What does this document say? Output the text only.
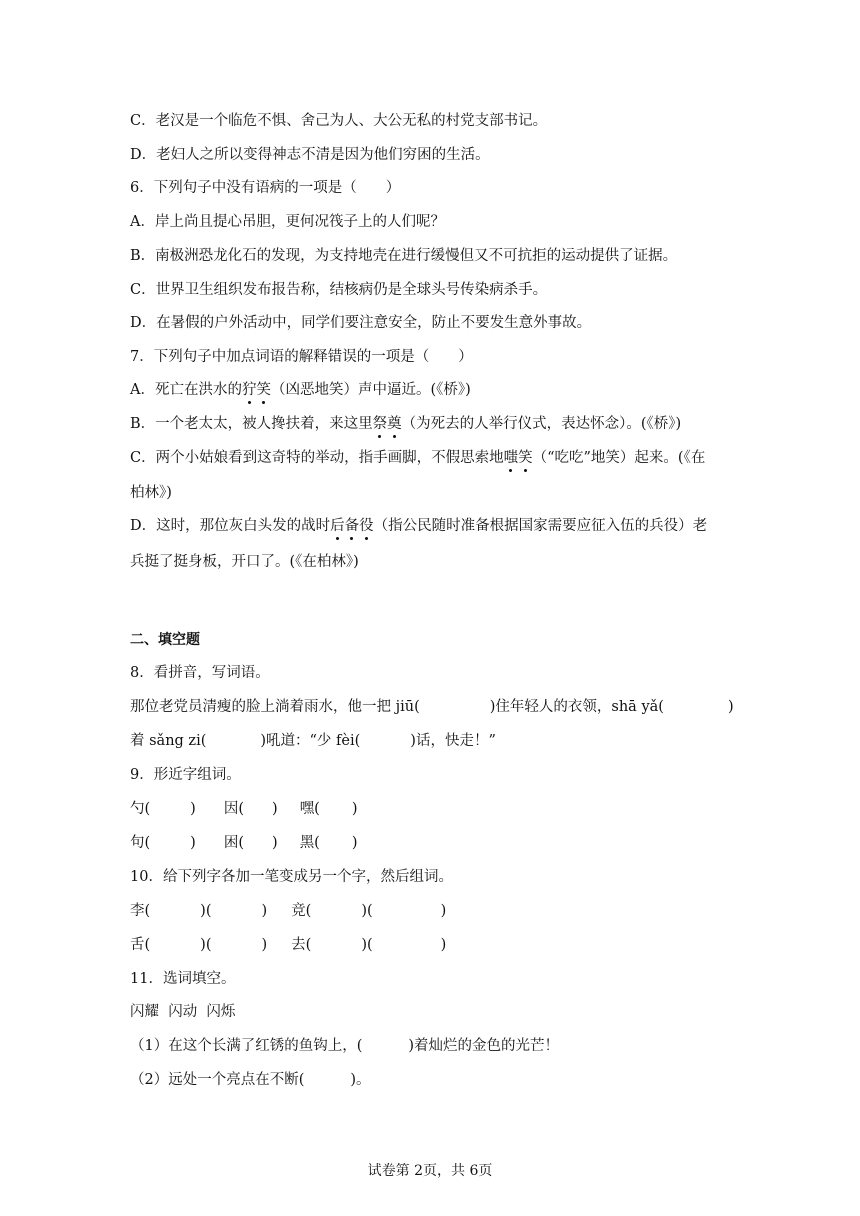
C．老汉是一个临危不惧、舍己为人、大公无私的村党支部书记。
D．老妇人之所以变得神志不清是因为他们穷困的生活。
6．下列句子中没有语病的一项是（　　）
A．岸上尚且提心吊胆，更何况筏子上的人们呢？
B．南极洲恐龙化石的发现，为支持地壳在进行缓慢但又不可抗拒的运动提供了证据。
C．世界卫生组织发布报告称，结核病仍是全球头号传染病杀手。
D．在暑假的户外活动中，同学们要注意安全，防止不要发生意外事故。
7．下列句子中加点词语的解释错误的一项是（　　）
A．死亡在洪水的狞笑（凶恶地笑）声中逼近。(《桥》)
B．一个老太太，被人搀扶着，来这里祭奠（为死去的人举行仪式，表达怀念）。(《桥》)
C．两个小姑娘看到这奇特的举动，指手画脚，不假思索地嗤笑（“吃吃”地笑）起来。(《在
柏林》)
D．这时，那位灰白头发的战时后备役（指公民随时准备根据国家需要应征入伍的兵役）老
兵挺了挺身板，开口了。(《在柏林》)
二、填空题
8．看拼音，写词语。
那位老党员清瘦的脸上淌着雨水，他一把 jiū(	)住年轻人的衣领，shā yǎ(	)
着 sǎng zi(	)吼道：“少 fèi(	)话，快走！”
9．形近字组词。
勺(	) 因( ) 嘿( )
句(	) 困( ) 黑( )
10．给下列字各加一笔变成另一个字，然后组词。
李(	)(	) 竞(	)(	)
舌(	)(	) 去(	)(	)
11．选词填空。
闪耀  闪动  闪烁
（1）在这个长满了红锈的鱼钩上，(	)着灿烂的金色的光芒！
（2）远处一个亮点在不断(	)。
试卷第 2页，共 6页
